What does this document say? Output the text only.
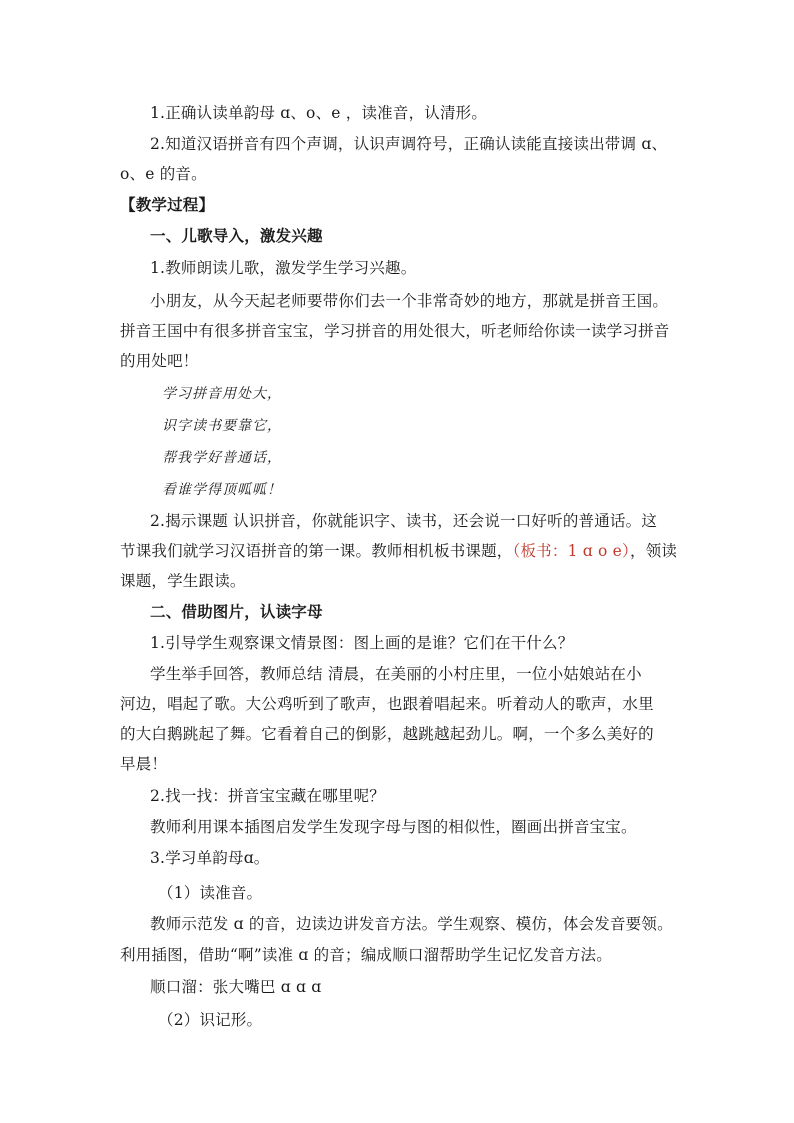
1.正确认读单韵母 ɑ、o、e ，读准音，认清形。
2.知道汉语拼音有四个声调，认识声调符号，正确认读能直接读出带调 ɑ、
o、e 的音。
【教学过程】
一、儿歌导入，激发兴趣
1.教师朗读儿歌，激发学生学习兴趣。
小朋友，从今天起老师要带你们去一个非常奇妙的地方，那就是拼音王国。
拼音王国中有很多拼音宝宝，学习拼音的用处很大，听老师给你读一读学习拼音
的用处吧！
学习拼音用处大，
识字读书要靠它，
帮我学好普通话，
看谁学得顶呱呱！
2.揭示课题 认识拼音，你就能识字、读书，还会说一口好听的普通话。这
节课我们就学习汉语拼音的第一课。教师相机板书课题，（板书：1 ɑ o e），领读
课题，学生跟读。
二、借助图片，认读字母
1.引导学生观察课文情景图：图上画的是谁？它们在干什么？
学生举手回答，教师总结 清晨，在美丽的小村庄里，一位小姑娘站在小
河边，唱起了歌。大公鸡听到了歌声，也跟着唱起来。听着动人的歌声，水里
的大白鹅跳起了舞。它看着自己的倒影，越跳越起劲儿。啊，一个多么美好的
早晨！
2.找一找：拼音宝宝藏在哪里呢？
教师利用课本插图启发学生发现字母与图的相似性，圈画出拼音宝宝。
3.学习单韵母ɑ。
（1）读准音。
教师示范发 ɑ 的音，边读边讲发音方法。学生观察、模仿，体会发音要领。
利用插图，借助“啊”读准 ɑ 的音；编成顺口溜帮助学生记忆发音方法。
顺口溜：张大嘴巴 ɑ ɑ ɑ
（2）识记形。
